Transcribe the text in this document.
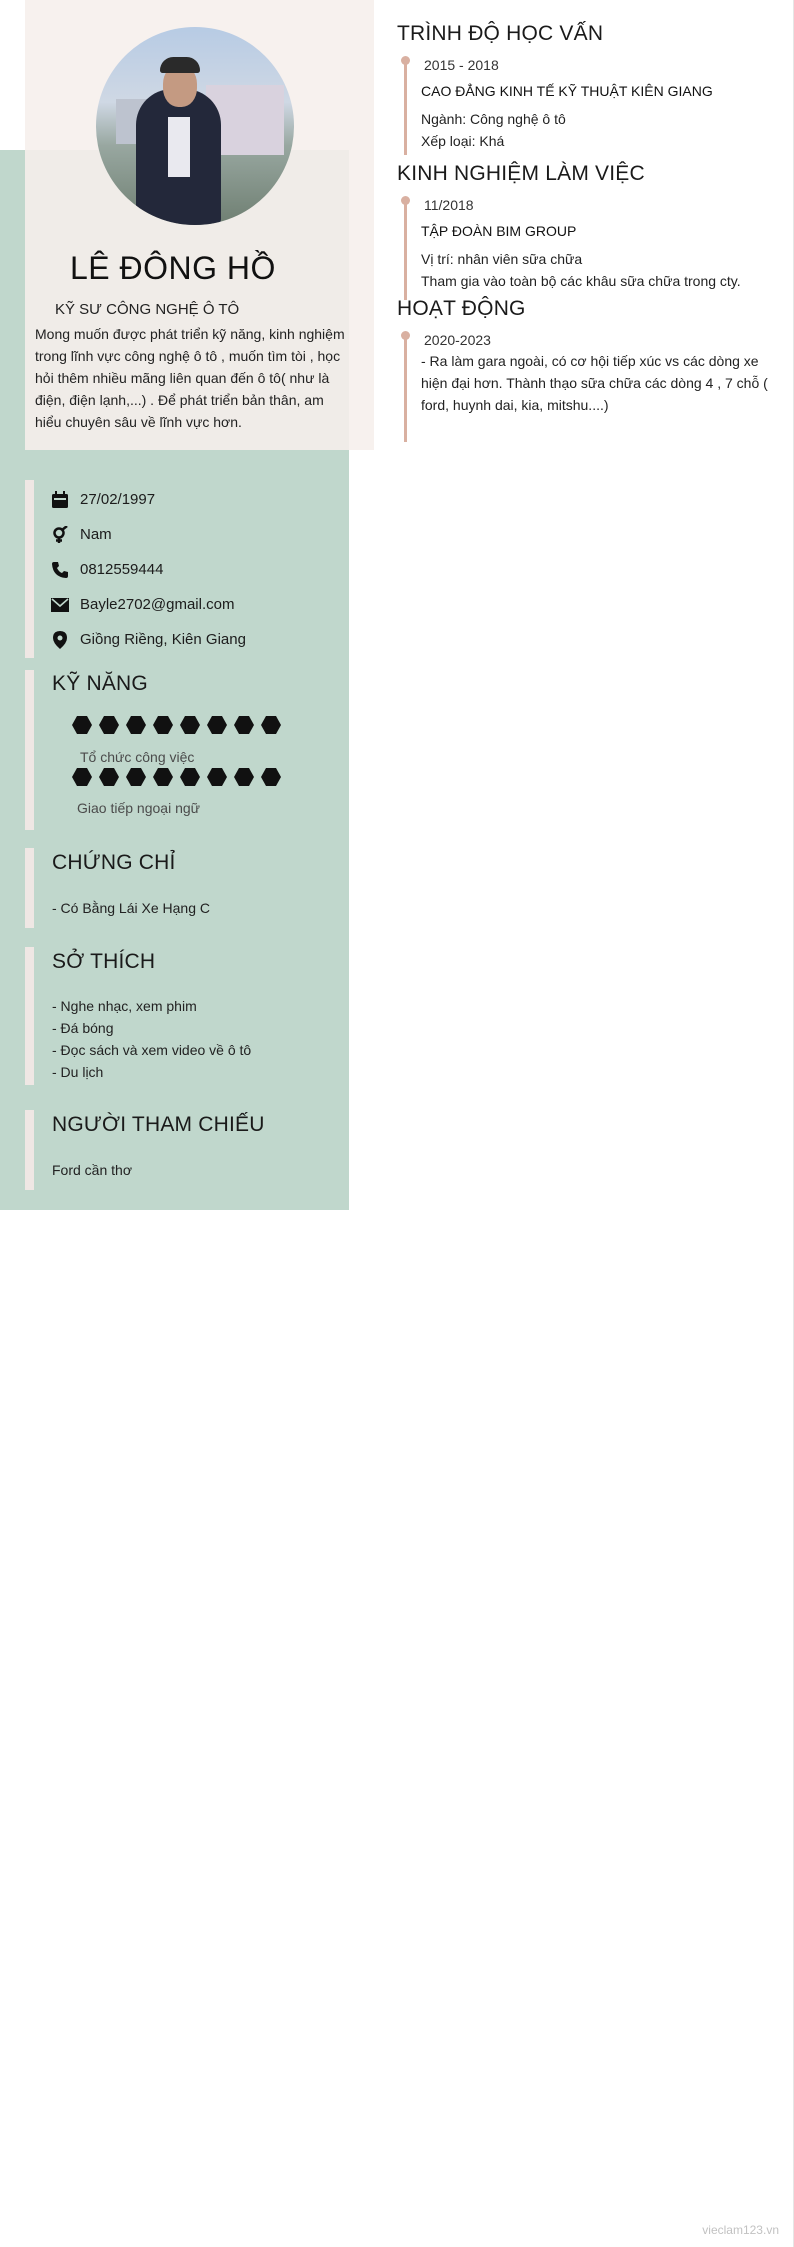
LÊ ĐÔNG HỒ
KỸ SƯ CÔNG NGHỆ Ô TÔ
Mong muốn được phát triển kỹ năng, kinh nghiệm trong lĩnh vực công nghệ ô tô , muốn tìm tòi , học hỏi thêm nhiều mãng liên quan đến ô tô( như là điện, điện lạnh,...) . Để phát triển bản thân, am hiểu chuyên sâu về lĩnh vực hơn.
27/02/1997
Nam
0812559444
Bayle2702@gmail.com
Giồng Riềng, Kiên Giang
KỸ NĂNG
Tổ chức công việc
Giao tiếp ngoại ngữ
CHỨNG CHỈ
- Có Bằng Lái Xe Hạng C
SỞ THÍCH
- Nghe nhạc, xem phim
- Đá bóng
- Đọc sách và xem video về ô tô
- Du lịch
NGƯỜI THAM CHIẾU
Ford cần thơ
TRÌNH ĐỘ HỌC VẤN
2015 - 2018
CAO ĐẲNG KINH TẾ KỸ THUẬT KIÊN GIANG
Ngành: Công nghệ ô tô
Xếp loại: Khá
KINH NGHIỆM LÀM VIỆC
11/2018
TẬP ĐOÀN BIM GROUP
Vị trí: nhân viên sữa chữa
Tham gia vào toàn bộ các khâu sữa chữa trong cty.
HOẠT ĐỘNG
2020-2023
- Ra làm gara ngoài, có cơ hội tiếp xúc vs các dòng xe hiện đại hơn. Thành thạo sữa chữa các dòng 4 , 7 chỗ ( ford, huynh dai, kia, mitshu....)
vieclam123.vn
